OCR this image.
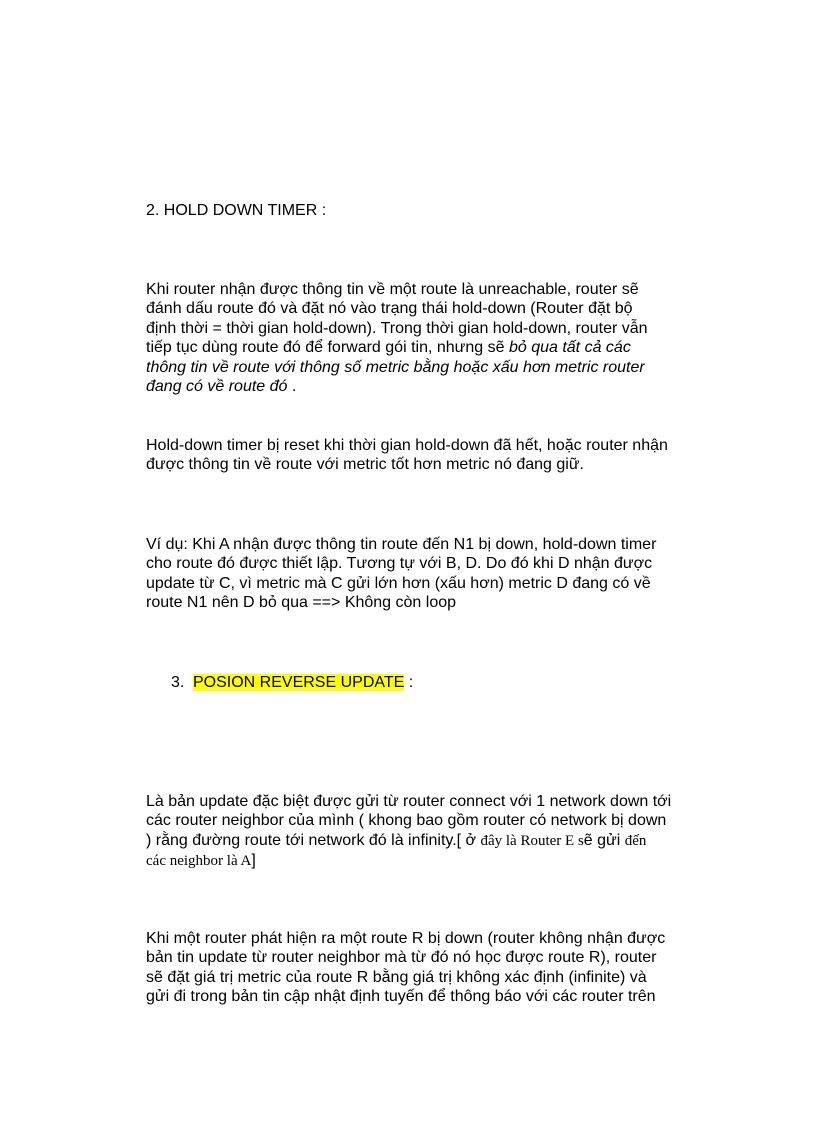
2. HOLD DOWN TIMER :

Khi router nhận được thông tin về một route là unreachable, router sẽ
đánh dấu route đó và đặt nó vào trạng thái hold-down (Router đặt bộ
định thời = thời gian hold-down). Trong thời gian hold-down, router vẫn
tiếp tục dùng route đó để forward gói tin, nhưng sẽ bỏ qua tất cả các
thông tin về route với thông số metric bằng hoặc xấu hơn metric router
đang có về route đó .

Hold-down timer bị reset khi thời gian hold-down đã hết, hoặc router nhận
được thông tin về route với metric tốt hơn metric nó đang giữ.

Ví dụ: Khi A nhận được thông tin route đến N1 bị down, hold-down timer
cho route đó được thiết lập. Tương tự với B, D. Do đó khi D nhận được
update từ C, vì metric mà C gửi lớn hơn (xấu hơn) metric D đang có về
route N1 nên D bỏ qua ==> Không còn loop

3. POSION REVERSE UPDATE :

Là bản update đặc biệt được gửi từ router connect với 1 network down tới
các router neighbor của mình ( khong bao gồm router có network bị down
) rằng đường route tới network đó là infinity.[ ở đây là Router E sẽ gửi đến
các neighbor là A]

Khi một router phát hiện ra một route R bị down (router không nhận được
bản tin update từ router neighbor mà từ đó nó học được route R), router
sẽ đặt giá trị metric của route R bằng giá trị không xác định (infinite) và
gửi đi trong bản tin cập nhật định tuyến để thông báo với các router trên
